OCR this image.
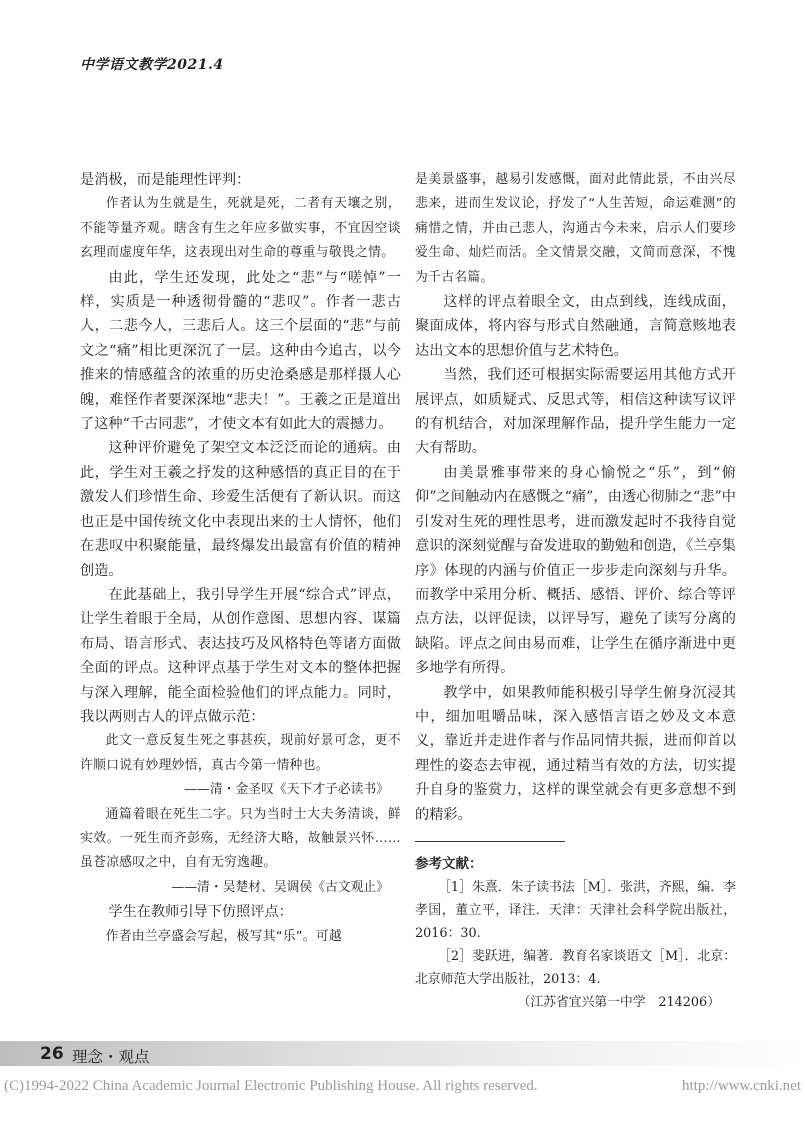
中学语文教学2021.4

是消极，而是能理性评判：

作者认为生就是生，死就是死，二者有天壤之别，不能等量齐观。瞎含有生之年应多做实事，不宜因空谈玄理而虚度年华，这表现出对生命的尊重与敬畏之情。

由此，学生还发现，此处之“悲”与“嗟悼”一样，实质是一种透彻骨髓的“悲叹”。作者一悲古人，二悲今人，三悲后人。这三个层面的“悲”与前文之“痛”相比更深沉了一层。这种由今追古，以今推来的情感蕴含的浓重的历史沧桑感是那样摄人心魄，难怪作者要深深地“悲夫！”。王羲之正是道出了这种“千古同悲”，才使文本有如此大的震撼力。

这种评价避免了架空文本泛泛而论的通病。由此，学生对王羲之抒发的这种感悟的真正目的在于激发人们珍惜生命、珍爱生活便有了新认识。而这也正是中国传统文化中表现出来的士人情怀，他们在悲叹中积聚能量，最终爆发出最富有价值的精神创造。

在此基础上，我引导学生开展“综合式”评点，让学生着眼于全局，从创作意图、思想内容、谋篇布局、语言形式、表达技巧及风格特色等诸方面做全面的评点。这种评点基于学生对文本的整体把握与深入理解，能全面检验他们的评点能力。同时，我以两则古人的评点做示范：

此文一意反复生死之事甚疾，现前好景可念，更不许顺口说有妙理妙悟，真古今第一情种也。

——清・金圣叹《天下才子必读书》

通篇着眼在死生二字。只为当时士大夫务清谈，鲜实效。一死生而齐彭殇，无经济大略，故触景兴怀……虽苍凉感叹之中，自有无穷逸趣。

——清・吴楚材、吴调侯《古文观止》

学生在教师引导下仿照评点：

作者由兰亭盛会写起，极写其“乐”。可越

是美景盛事，越易引发感慨，面对此情此景，不由兴尽悲来，进而生发议论，抒发了“人生苦短，命运难测”的痛惜之情，并由己悲人，沟通古今未来，启示人们要珍爱生命、灿烂而活。全文情景交融，文简而意深，不愧为千古名篇。

这样的评点着眼全文，由点到线，连线成面，聚面成体，将内容与形式自然融通，言简意赅地表达出文本的思想价值与艺术特色。

当然，我们还可根据实际需要运用其他方式开展评点，如质疑式、反思式等，相信这种读写议评的有机结合，对加深理解作品，提升学生能力一定大有帮助。

由美景雅事带来的身心愉悦之“乐”，到“俯仰”之间触动内在感慨之“痛”，由透心彻肺之“悲”中引发对生死的理性思考，进而激发起时不我待自觉意识的深刻觉醒与奋发进取的勤勉和创造，《兰亭集序》体现的内涵与价值正一步步走向深刻与升华。而教学中采用分析、概括、感悟、评价、综合等评点方法，以评促读，以评导写，避免了读写分离的缺陷。评点之间由易而难，让学生在循序渐进中更多地学有所得。

教学中，如果教师能积极引导学生俯身沉浸其中，细加咀嚼品味，深入感悟言语之妙及文本意义，靠近并走进作者与作品同情共振，进而仰首以理性的姿态去审视，通过精当有效的方法，切实提升自身的鉴赏力，这样的课堂就会有更多意想不到的精彩。

参考文献：

［1］朱熹．朱子读书法［M］．张洪，齐熙，编．李孝国，董立平，译注．天津：天津社会科学院出版社，2016：30.

［2］斐跃进，编著．教育名家谈语文［M］．北京：北京师范大学出版社，2013：4.

（江苏省宜兴第一中学　214206）

26 理念・观点
(C)1994-2022 China Academic Journal Electronic Publishing House. All rights reserved.	http://www.cnki.net
